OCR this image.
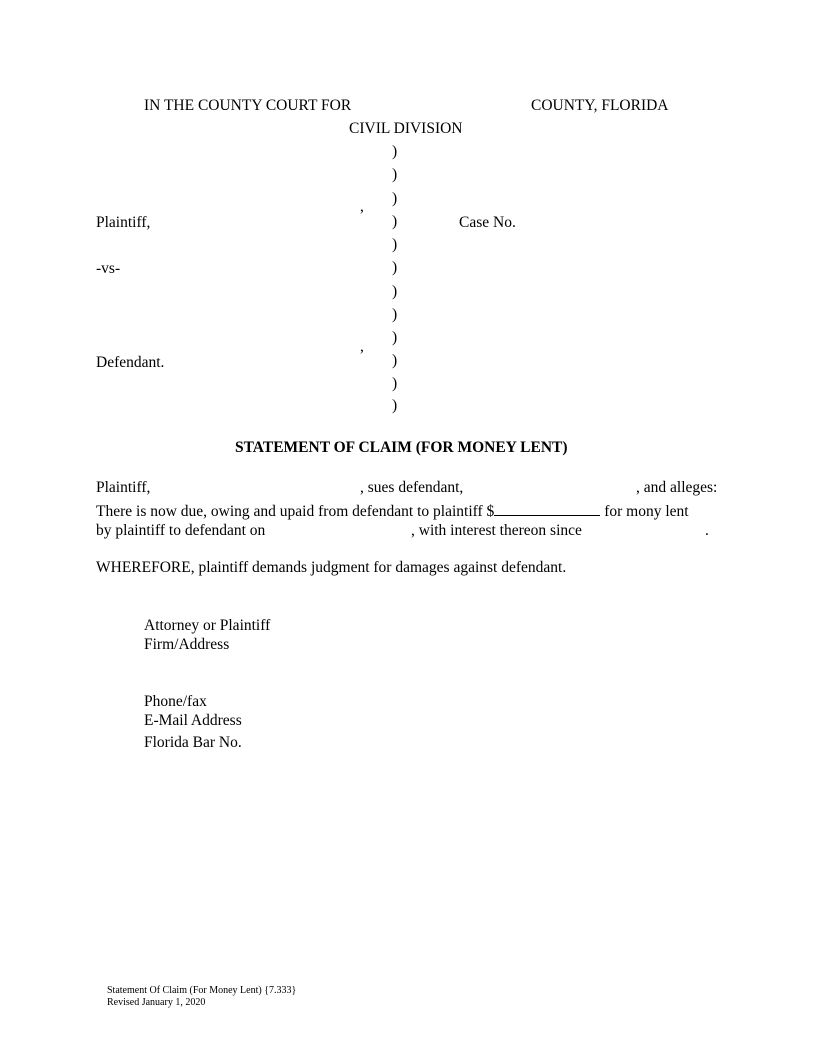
IN THE COUNTY COURT FOR	COUNTY, FLORIDA
CIVIL DIVISION
)
)
)
)
)
)
)
)
)
)
)
)
,
Plaintiff,	Case No.
-vs-
,
Defendant.
STATEMENT OF CLAIM (FOR MONEY LENT)
Plaintiff,	, sues defendant,	, and alleges:
There is now due, owing and upaid from defendant to plaintiff $	for mony lent
by plaintiff to defendant on	, with interest thereon since	.
WHEREFORE, plaintiff demands judgment for damages against defendant.
Attorney or Plaintiff
Firm/Address
Phone/fax
E-Mail Address
Florida Bar No.
Statement Of Claim (For Money Lent) {7.333}
Revised January 1, 2020
